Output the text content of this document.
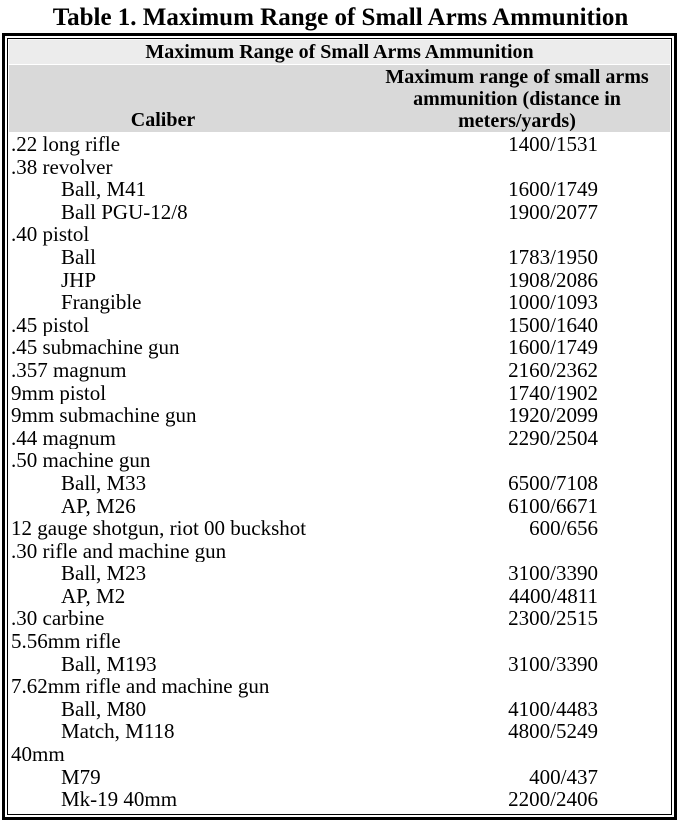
Table 1. Maximum Range of Small Arms Ammunition
Maximum Range of Small Arms Ammunition
Caliber
Maximum range of small arms
ammunition (distance in
meters/yards)
.22 long rifle	1400/1531
.38 revolver
Ball, M41	1600/1749
Ball PGU-12/8	1900/2077
.40 pistol
Ball	1783/1950
JHP	1908/2086
Frangible	1000/1093
.45 pistol	1500/1640
.45 submachine gun	1600/1749
.357 magnum	2160/2362
9mm pistol	1740/1902
9mm submachine gun	1920/2099
.44 magnum	2290/2504
.50 machine gun
Ball, M33	6500/7108
AP, M26	6100/6671
12 gauge shotgun, riot 00 buckshot	600/656
.30 rifle and machine gun
Ball, M23	3100/3390
AP, M2	4400/4811
.30 carbine	2300/2515
5.56mm rifle
Ball, M193	3100/3390
7.62mm rifle and machine gun
Ball, M80	4100/4483
Match, M118	4800/5249
40mm
M79	400/437
Mk-19 40mm	2200/2406
